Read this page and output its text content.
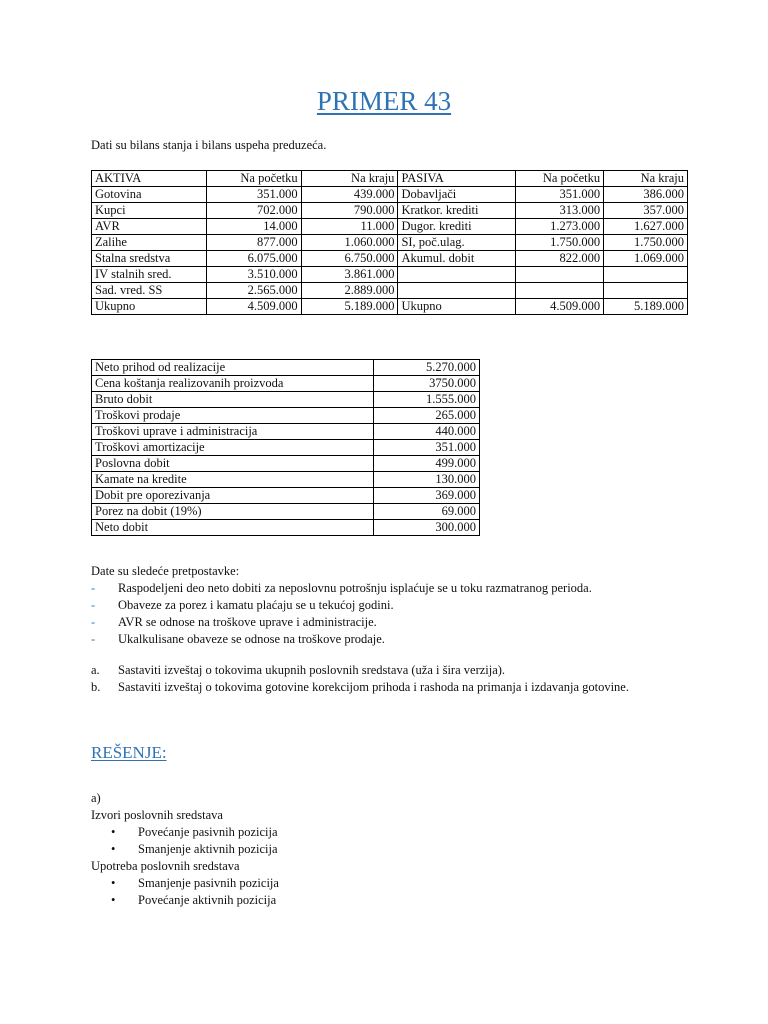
PRIMER 43
Dati su bilans stanja i bilans uspeha preduzeća.
AKTIVA	Na početku	Na kraju	PASIVA	Na početku	Na kraju
Gotovina	351.000	439.000	Dobavljači	351.000	386.000
Kupci	702.000	790.000	Kratkor. krediti	313.000	357.000
AVR	14.000	11.000	Dugor. krediti	1.273.000	1.627.000
Zalihe	877.000	1.060.000	SI, poč.ulag.	1.750.000	1.750.000
Stalna sredstva	6.075.000	6.750.000	Akumul. dobit	822.000	1.069.000
IV stalnih sred.	3.510.000	3.861.000			
Sad. vred. SS	2.565.000	2.889.000			
Ukupno	4.509.000	5.189.000	Ukupno	4.509.000	5.189.000
Neto prihod od realizacije	5.270.000
Cena koštanja realizovanih proizvoda	3750.000
Bruto dobit	1.555.000
Troškovi prodaje	265.000
Troškovi uprave i administracija	440.000
Troškovi amortizacije	351.000
Poslovna dobit	499.000
Kamate na kredite	130.000
Dobit pre oporezivanja	369.000
Porez na dobit (19%)	69.000
Neto dobit	300.000
Date su sledeće pretpostavke:
- Raspodeljeni deo neto dobiti za neposlovnu potrošnju isplaćuje se u toku razmatranog perioda.
- Obaveze za porez i kamatu plaćaju se u tekućoj godini.
- AVR se odnose na troškove uprave i administracije.
- Ukalkulisane obaveze se odnose na troškove prodaje.
a. Sastaviti izveštaj o tokovima ukupnih poslovnih sredstava (uža i šira verzija).
b. Sastaviti izveštaj o tokovima gotovine korekcijom prihoda i rashoda na primanja i izdavanja gotovine.
REŠENJE:
a)
Izvori poslovnih sredstava
• Povećanje pasivnih pozicija
• Smanjenje aktivnih pozicija
Upotreba poslovnih sredstava
• Smanjenje pasivnih pozicija
• Povećanje aktivnih pozicija
